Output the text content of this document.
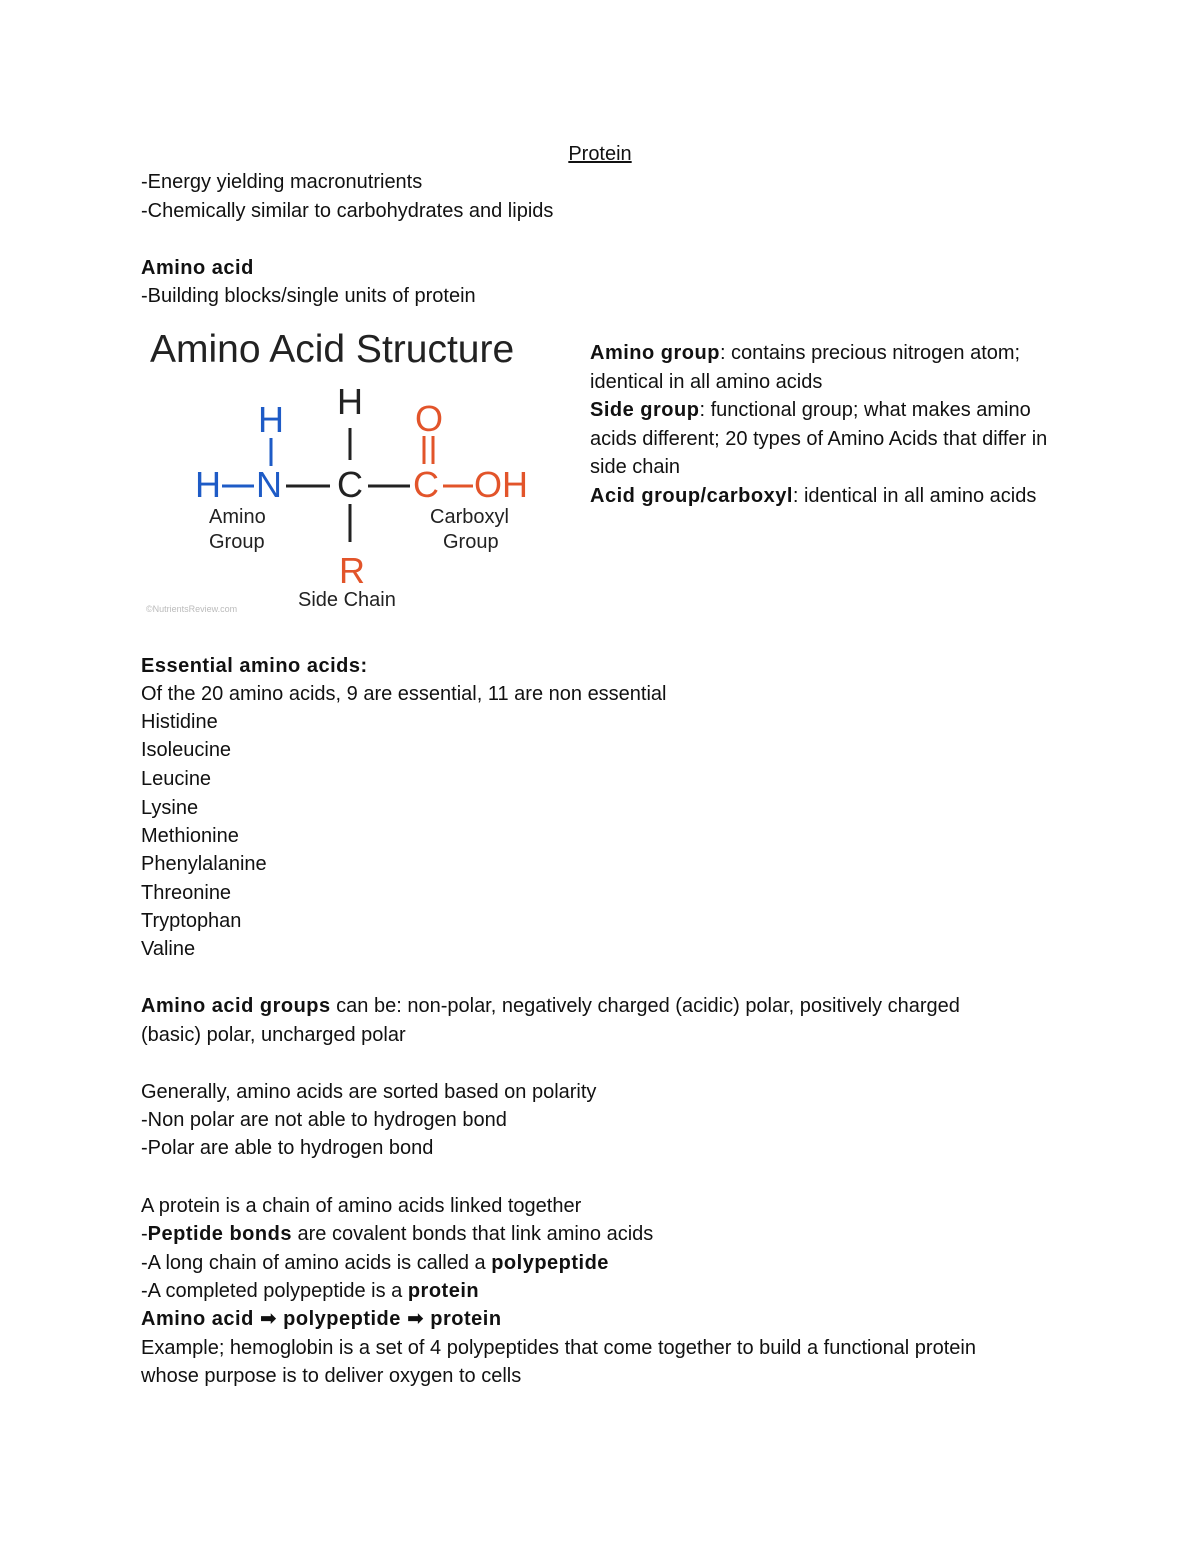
Protein
-Energy yielding macronutrients
-Chemically similar to carbohydrates and lipids
Amino acid
-Building blocks/single units of protein
Amino Acid Structure
H
H N
H
C
O
C OH
R
Amino
Group
Carboxyl
Group
Side Chain
©NutrientsReview.com

Amino group: contains precious nitrogen atom; identical in all amino acids

Side group: functional group; what makes amino acids different; 20 types of Amino Acids that differ in side chain

Acid group/carboxyl: identical in all amino acids

Essential amino acids:
Of the 20 amino acids, 9 are essential, 11 are non essential
Histidine
Isoleucine
Leucine
Lysine
Methionine
Phenylalanine
Threonine
Tryptophan
Valine
Amino acid groups can be: non-polar, negatively charged (acidic) polar, positively charged
(basic) polar, uncharged polar
Generally, amino acids are sorted based on polarity
-Non polar are not able to hydrogen bond
-Polar are able to hydrogen bond
A protein is a chain of amino acids linked together
-Peptide bonds are covalent bonds that link amino acids
-A long chain of amino acids is called a polypeptide
-A completed polypeptide is a protein
Amino acid ➡ polypeptide ➡ protein
Example; hemoglobin is a set of 4 polypeptides that come together to build a functional protein
whose purpose is to deliver oxygen to cells
